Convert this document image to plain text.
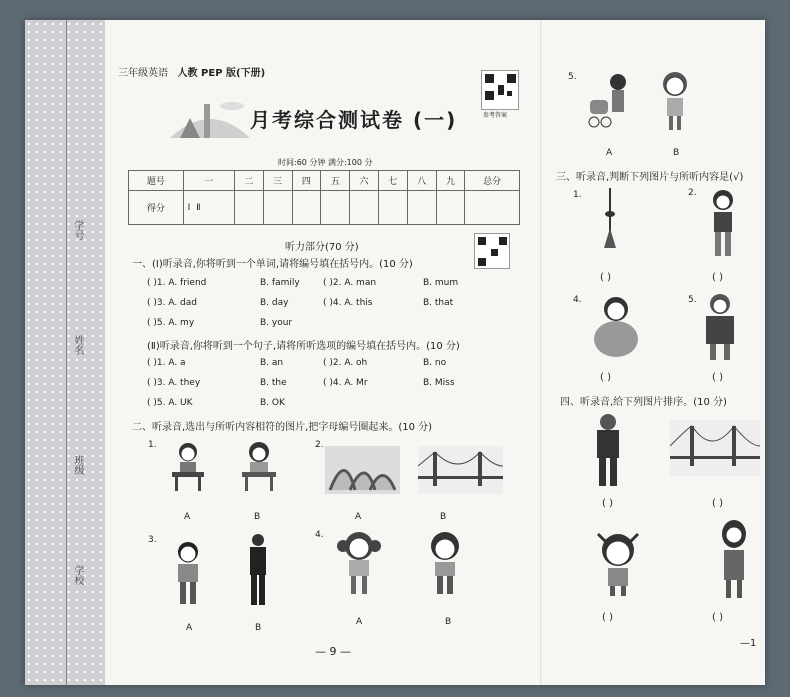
学号
姓名
班级
学校
三年级英语 人教 PEP 版(下册)
月考综合测试卷 (一)
时间:60 分钟 满分:100 分
参考答案
题号	一	二	三	四	五	六	七	八	九	总分
得分	Ⅰ Ⅱ									
听力部分(70 分)
一、(Ⅰ)听录音,你将听到一个单词,请将编号填在括号内。(10 分)
( )1. A. friend	B. family	( )2. A. man	B. mum
( )3. A. dad	B. day	( )4. A. this	B. that
( )5. A. my	B. your
(Ⅱ)听录音,你将听到一个句子,请将所听选项的编号填在括号内。(10 分)
( )1. A. a	B. an	( )2. A. oh	B. no
( )3. A. they	B. the	( )4. A. Mr	B. Miss
( )5. A. UK	B. OK
二、听录音,选出与所听内容相符的图片,把字母编号圈起来。(10 分)
1.
A	B
2.
A	B
3.
A	B
4.
A	B
— 9 —
5.
A	B
三、听录音,判断下列图片与所听内容是(√)
1.
( )
2.
( )
4.
( )
5.
( )
四、听录音,给下列图片排序。(10 分)
( )	( )
( )	( )
—1
